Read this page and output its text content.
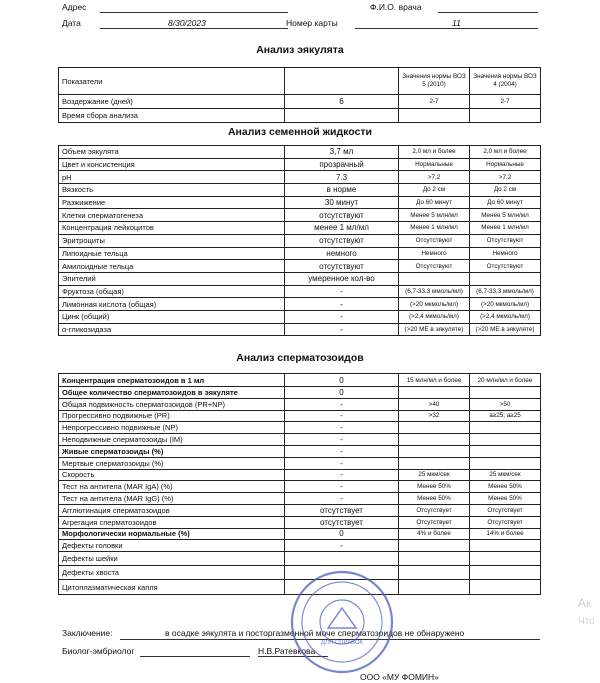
Адрес	Ф.И.О. врача
Дата	8/30/2023	Номер карты	11
Анализ эякулята
Показатели		Значения нормы ВОЗ 5 (2010)	Значения нормы ВОЗ 4 (2004)
Воздержание (дней)	6	2-7	2-7
Время сбора анализа			
Анализ семенной жидкости
Объем эякулята	3,7 мл	2,0 мл и более	2,0 мл и более
Цвет и консистенция	прозрачный	Нормальные	Нормальные
pH	7.3	>7,2	>7,2
Вязкость	в норме	До 2 см	До 2 см
Разжижение	30 минут	До 60 минут	До 60 минут
Клетки сперматогенеза	отсутствуют	Менее 5 млн/мл	Менее 5 млн/мл
Концентрация лейкоцитов	менее 1 мл/мл	Менее 1 млн/мл	Менее 1 млн/мл
Эритроциты	отсутствуют	Отсутствуют	Отсутствуют
Липоидные тельца	немного	Немного	Немного
Амилоидные тельца	отсутствуют	Отсутствуют	Отсутствуют
Эпителий	умеренное кол-во		
Фруктоза (общая)	-	(6,7-33,3 ммоль/мл)	(6,7-33,3 ммоль/мл)
Лимонная кислота (общая)	-	(>20 мкмоль/мл)	(>20 мкмоль/мл)
Цинк (общий)	-	(>2,4 мкмоль/мл)	(>2,4 мкмоль/мл)
α-гликозидаза	-	(>20 МЕ в эякуляте)	(>20 МЕ в эякуляте)
Анализ сперматозоидов
Концентрация сперматозоидов в 1 мл	0	15 млн/мл и более	20 млн/мл и более
Общее количество сперматозоидов в эякуляте	0		
Общая подвижность сперматозоидов (PR+NP)	-	>40	>50
Прогрессивно подвижные (PR)	-	>32	a≥25; a≥25
Непрогрессивно подвижные (NP)	-		
Неподвижные сперматозоиды (IM)	-		
Живые сперматозоиды (%)	-		
Мертвые сперматозоиды (%)	-		
Скорость	-	25 мкм/сек	25 мкм/сек
Тест на антитела (MAR IgA) (%)	-	Менее 50%	Менее 50%
Тест на антитела (MAR IgG) (%)	-	Менее 50%	Менее 50%
Агглютинация сперматозоидов	отсутствует	Отсутствует	Отсутствует
Агрегация сперматозоидов	отсутствует	Отсутствует	Отсутствует
Морфологически нормальные (%)	0	4% и более	14% и более
Дефекты головки	-		
Дефекты шейки			
Дефекты хвоста			
Цитоплазматическая капля			
Заключение:	в осадке эякулята и посторгазменной моче сперматозоидов не обнаружено
Биолог-эмбриолог	Н.В.Ратевкова
ООО «МУ ФОМИН»
ДЛЯ СПРАВОК
Ак
Что
